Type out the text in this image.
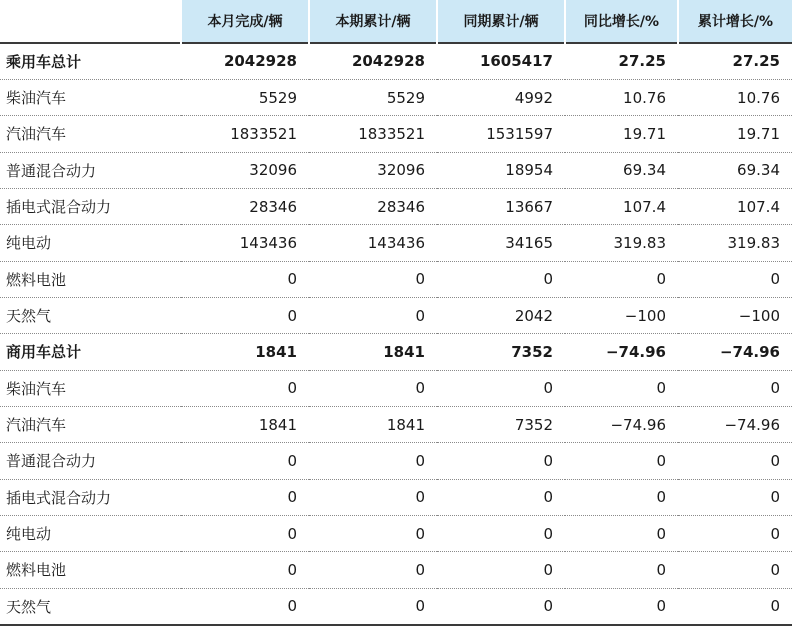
	本月完成/辆	本期累计/辆	同期累计/辆	同比增长/%	累计增长/%
乘用车总计	2042928	2042928	1605417	27.25	27.25
柴油汽车	5529	5529	4992	10.76	10.76
汽油汽车	1833521	1833521	1531597	19.71	19.71
普通混合动力	32096	32096	18954	69.34	69.34
插电式混合动力	28346	28346	13667	107.4	107.4
纯电动	143436	143436	34165	319.83	319.83
燃料电池	0	0	0	0	0
天然气	0	0	2042	−100	−100
商用车总计	1841	1841	7352	−74.96	−74.96
柴油汽车	0	0	0	0	0
汽油汽车	1841	1841	7352	−74.96	−74.96
普通混合动力	0	0	0	0	0
插电式混合动力	0	0	0	0	0
纯电动	0	0	0	0	0
燃料电池	0	0	0	0	0
天然气	0	0	0	0	0
